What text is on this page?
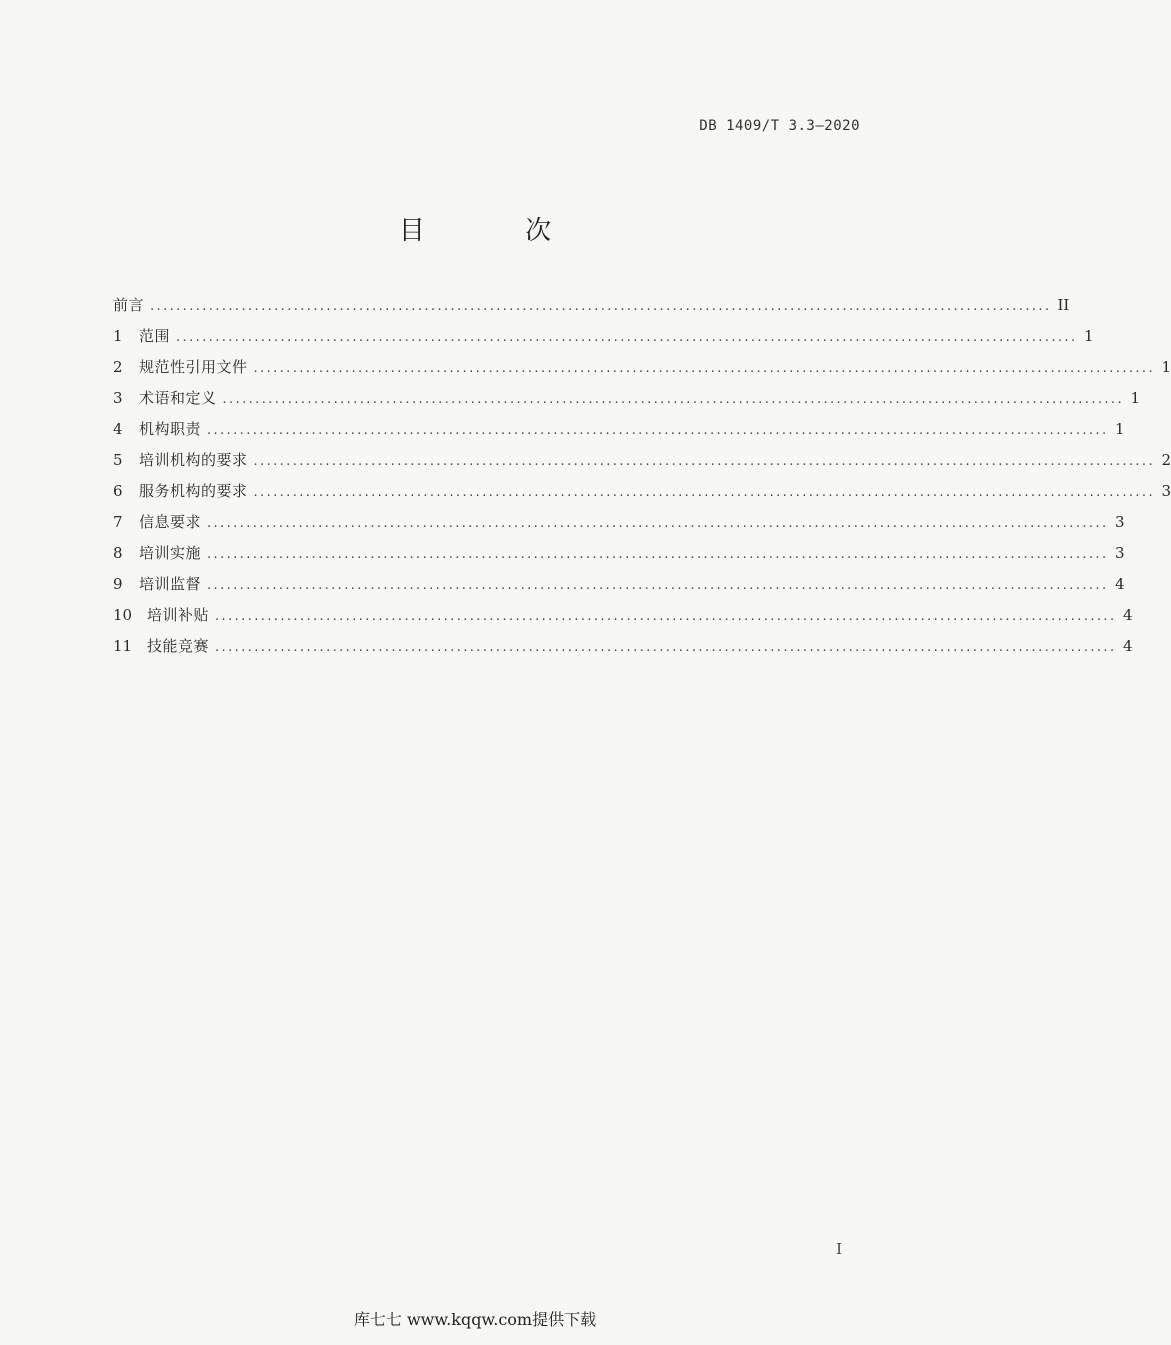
DB 1409/T 3.3—2020
目 次
前言 .......................................................................................................................................... II
1	范围 .......................................................................................................................................... 1
2	规范性引用文件 .......................................................................................................................................... 1
3	术语和定义 .......................................................................................................................................... 1
4	机构职责 .......................................................................................................................................... 1
5	培训机构的要求 .......................................................................................................................................... 2
6	服务机构的要求 .......................................................................................................................................... 3
7	信息要求 .......................................................................................................................................... 3
8	培训实施 .......................................................................................................................................... 3
9	培训监督 .......................................................................................................................................... 4
10 培训补贴 .......................................................................................................................................... 4
11 技能竞赛 .......................................................................................................................................... 4
I
库七七 www.kqqw.com提供下载
